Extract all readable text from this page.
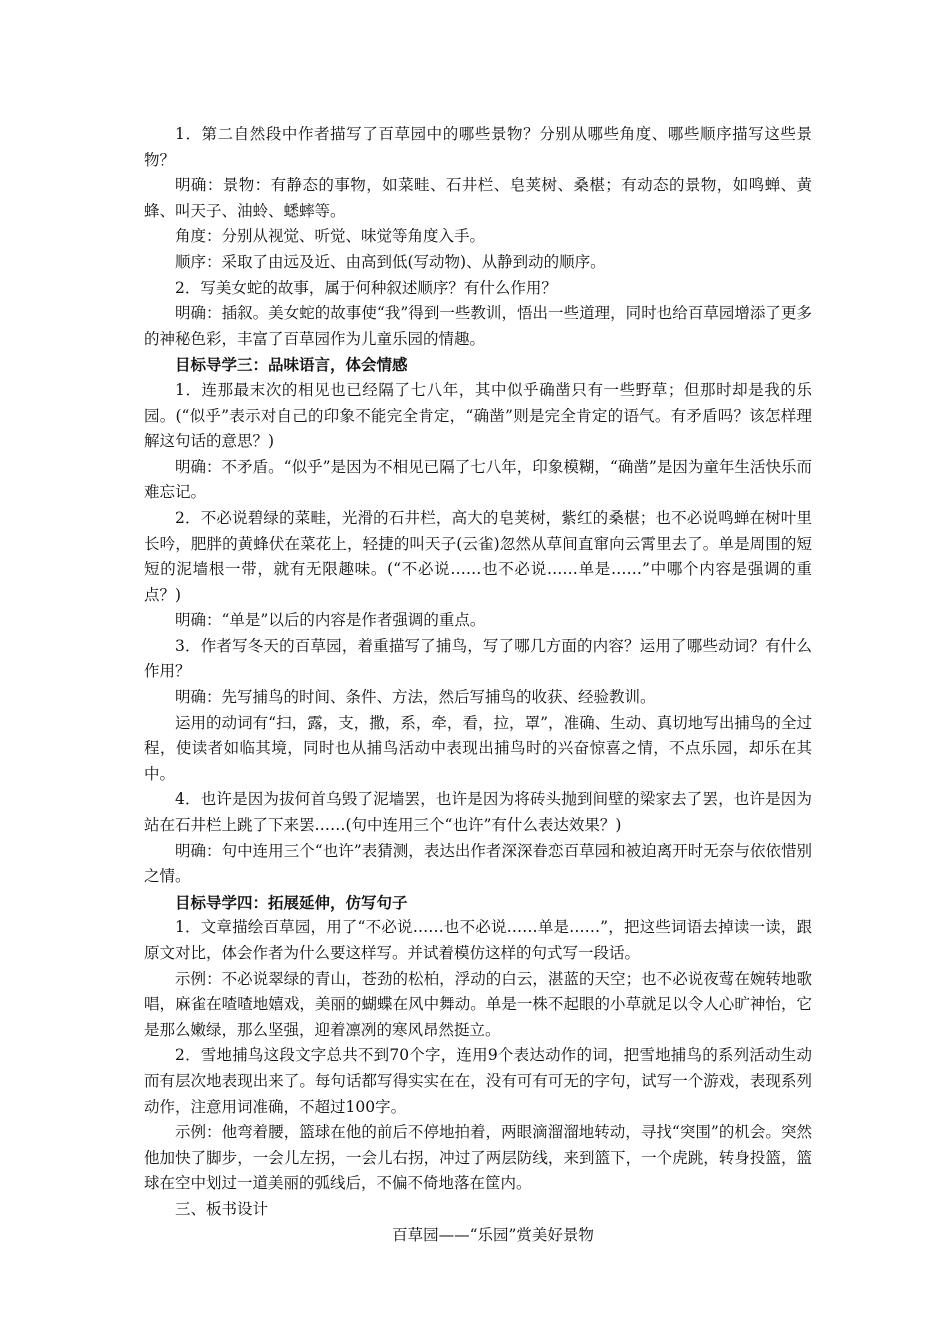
1．第二自然段中作者描写了百草园中的哪些景物？分别从哪些角度、哪些顺序描写这些景物？

明确：景物：有静态的事物，如菜畦、石井栏、皂荚树、桑椹；有动态的景物，如鸣蝉、黄蜂、叫天子、油蛉、蟋蟀等。

角度：分别从视觉、听觉、味觉等角度入手。

顺序：采取了由远及近、由高到低(写动物)、从静到动的顺序。

2．写美女蛇的故事，属于何种叙述顺序？有什么作用？

明确：插叙。美女蛇的故事使“我”得到一些教训，悟出一些道理，同时也给百草园增添了更多的神秘色彩，丰富了百草园作为儿童乐园的情趣。

目标导学三：品味语言，体会情感

1．连那最末次的相见也已经隔了七八年，其中似乎确凿只有一些野草；但那时却是我的乐园。(“似乎”表示对自己的印象不能完全肯定，“确凿”则是完全肯定的语气。有矛盾吗？该怎样理解这句话的意思？)

明确：不矛盾。“似乎”是因为不相见已隔了七八年，印象模糊，“确凿”是因为童年生活快乐而难忘记。

2．不必说碧绿的菜畦，光滑的石井栏，高大的皂荚树，紫红的桑椹；也不必说鸣蝉在树叶里长吟，肥胖的黄蜂伏在菜花上，轻捷的叫天子(云雀)忽然从草间直窜向云霄里去了。单是周围的短短的泥墙根一带，就有无限趣味。(“不必说……也不必说……单是……”中哪个内容是强调的重点？)

明确：“单是”以后的内容是作者强调的重点。

3．作者写冬天的百草园，着重描写了捕鸟，写了哪几方面的内容？运用了哪些动词？有什么作用？

明确：先写捕鸟的时间、条件、方法，然后写捕鸟的收获、经验教训。

运用的动词有“扫，露，支，撒，系，牵，看，拉，罩”，准确、生动、真切地写出捕鸟的全过程，使读者如临其境，同时也从捕鸟活动中表现出捕鸟时的兴奋惊喜之情，不点乐园，却乐在其中。

4．也许是因为拔何首乌毁了泥墙罢，也许是因为将砖头抛到间壁的梁家去了罢，也许是因为站在石井栏上跳了下来罢……(句中连用三个“也许”有什么表达效果？)

明确：句中连用三个“也许”表猜测，表达出作者深深眷恋百草园和被迫离开时无奈与依依惜别之情。

目标导学四：拓展延伸，仿写句子

1．文章描绘百草园，用了“不必说……也不必说……单是……”，把这些词语去掉读一读，跟原文对比，体会作者为什么要这样写。并试着模仿这样的句式写一段话。

示例：不必说翠绿的青山，苍劲的松柏，浮动的白云，湛蓝的天空；也不必说夜莺在婉转地歌唱，麻雀在喳喳地嬉戏，美丽的蝴蝶在风中舞动。单是一株不起眼的小草就足以令人心旷神怡，它是那么嫩绿，那么坚强，迎着凛冽的寒风昂然挺立。

2．雪地捕鸟这段文字总共不到70个字，连用9个表达动作的词，把雪地捕鸟的系列活动生动而有层次地表现出来了。每句话都写得实实在在，没有可有可无的字句，试写一个游戏，表现系列动作，注意用词准确，不超过100字。

示例：他弯着腰，篮球在他的前后不停地拍着，两眼滴溜溜地转动，寻找“突围”的机会。突然他加快了脚步，一会儿左拐，一会儿右拐，冲过了两层防线，来到篮下，一个虎跳，转身投篮，篮球在空中划过一道美丽的弧线后，不偏不倚地落在筐内。

三、板书设计

百草园——“乐园”赏美好景物
